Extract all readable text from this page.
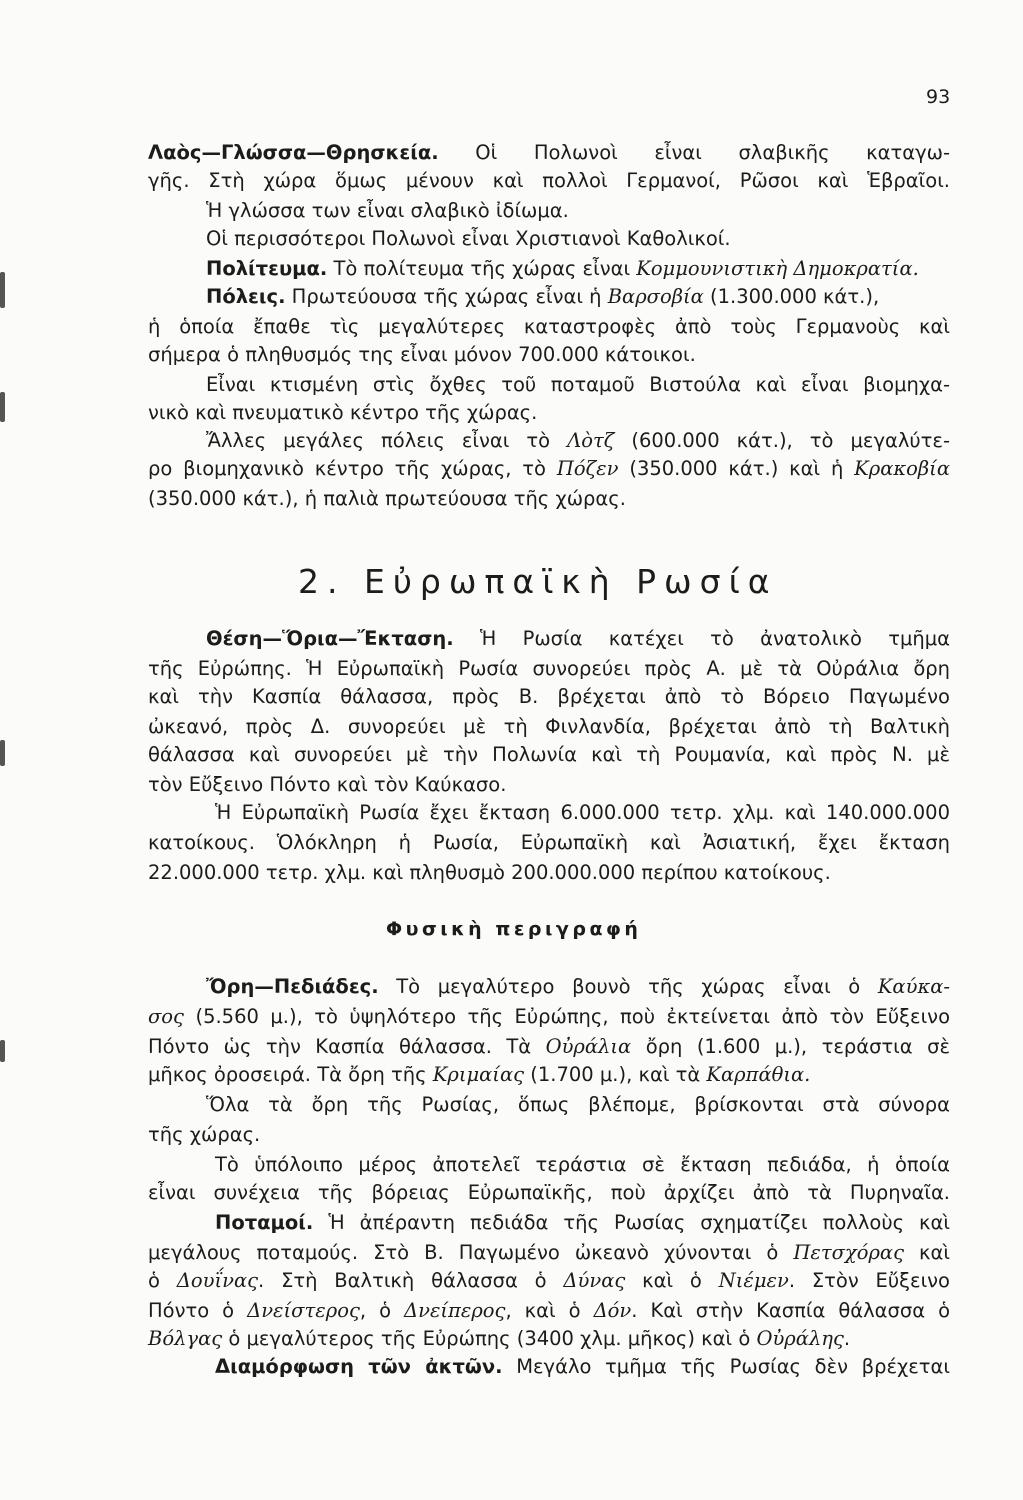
93
Λαὸς—Γλώσσα—Θρησκεία. Οἱ Πολωνοὶ εἶναι σλαβικῆς καταγω-
γῆς. Στὴ χώρα ὅμως μένουν καὶ πολλοὶ Γερμανοί, Ρῶσοι καὶ Ἑβραῖοι.
Ἡ γλώσσα των εἶναι σλαβικὸ ἰδίωμα.
Οἱ περισσότεροι Πολωνοὶ εἶναι Χριστιανοὶ Καθολικοί.
Πολίτευμα. Τὸ πολίτευμα τῆς χώρας εἶναι Κομμουνιστικὴ Δημοκρατία.
Πόλεις. Πρωτεύουσα τῆς χώρας εἶναι ἡ Βαρσοβία (1.300.000 κάτ.),
ἡ ὁποία ἔπαθε τὶς μεγαλύτερες καταστροφὲς ἀπὸ τοὺς Γερμανοὺς καὶ
σήμερα ὁ πληθυσμός της εἶναι μόνον 700.000 κάτοικοι.
Εἶναι κτισμένη στὶς ὄχθες τοῦ ποταμοῦ Βιστούλα καὶ εἶναι βιομηχα-
νικὸ καὶ πνευματικὸ κέντρο τῆς χώρας.
Ἄλλες μεγάλες πόλεις εἶναι τὸ Λὸτζ (600.000 κάτ.), τὸ μεγαλύτε-
ρο βιομηχανικὸ κέντρο τῆς χώρας, τὸ Πόζεν (350.000 κάτ.) καὶ ἡ Κρακοβία
(350.000 κάτ.), ἡ παλιὰ πρωτεύουσα τῆς χώρας.
2. Εὐρωπαϊκὴ Ρωσία
Θέση—Ὅρια—Ἔκταση. Ἡ Ρωσία κατέχει τὸ ἀνατολικὸ τμῆμα
τῆς Εὐρώπης. Ἡ Εὐρωπαϊκὴ Ρωσία συνορεύει πρὸς Α. μὲ τὰ Οὐράλια ὄρη
καὶ τὴν Κασπία θάλασσα, πρὸς Β. βρέχεται ἀπὸ τὸ Βόρειο Παγωμένο
ὠκεανό, πρὸς Δ. συνορεύει μὲ τὴ Φινλανδία, βρέχεται ἀπὸ τὴ Βαλτικὴ
θάλασσα καὶ συνορεύει μὲ τὴν Πολωνία καὶ τὴ Ρουμανία, καὶ πρὸς Ν. μὲ
τὸν Εὔξεινο Πόντο καὶ τὸν Καύκασο.
Ἡ Εὐρωπαϊκὴ Ρωσία ἔχει ἔκταση 6.000.000 τετρ. χλμ. καὶ 140.000.000
κατοίκους. Ὁλόκληρη ἡ Ρωσία, Εὐρωπαϊκὴ καὶ Ἀσιατική, ἔχει ἔκταση
22.000.000 τετρ. χλμ. καὶ πληθυσμὸ 200.000.000 περίπου κατοίκους.
Φυσικὴ περιγραφή
Ὄρη—Πεδιάδες. Τὸ μεγαλύτερο βουνὸ τῆς χώρας εἶναι ὁ Καύκα-
σος (5.560 μ.), τὸ ὑψηλότερο τῆς Εὐρώπης, ποὺ ἐκτείνεται ἀπὸ τὸν Εὔξεινο
Πόντο ὡς τὴν Κασπία θάλασσα. Τὰ Οὐράλια ὄρη (1.600 μ.), τεράστια σὲ
μῆκος ὀροσειρά. Τὰ ὄρη τῆς Κριμαίας (1.700 μ.), καὶ τὰ Καρπάθια.
Ὅλα τὰ ὄρη τῆς Ρωσίας, ὅπως βλέπομε, βρίσκονται στὰ σύνορα
τῆς χώρας.
Τὸ ὑπόλοιπο μέρος ἀποτελεῖ τεράστια σὲ ἔκταση πεδιάδα, ἡ ὁποία
εἶναι συνέχεια τῆς βόρειας Εὐρωπαϊκῆς, ποὺ ἀρχίζει ἀπὸ τὰ Πυρηναῖα.
Ποταμοί. Ἡ ἀπέραντη πεδιάδα τῆς Ρωσίας σχηματίζει πολλοὺς καὶ
μεγάλους ποταμούς. Στὸ Β. Παγωμένο ὠκεανὸ χύνονται ὁ Πετσχόρας καὶ
ὁ Δουΐνας. Στὴ Βαλτικὴ θάλασσα ὁ Δύνας καὶ ὁ Νιέμεν. Στὸν Εὔξεινο
Πόντο ὁ Δνείστερος, ὁ Δνείπερος, καὶ ὁ Δόν. Καὶ στὴν Κασπία θάλασσα ὁ
Βόλγας ὁ μεγαλύτερος τῆς Εὐρώπης (3400 χλμ. μῆκος) καὶ ὁ Οὐράλης.
Διαμόρφωση τῶν ἀκτῶν. Μεγάλο τμῆμα τῆς Ρωσίας δὲν βρέχεται
